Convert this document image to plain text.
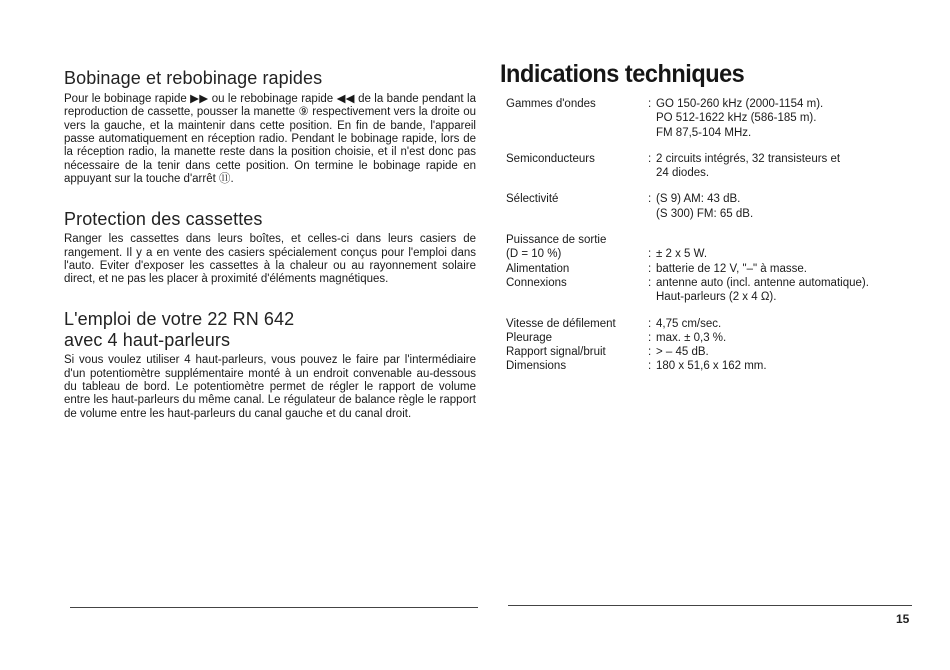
Bobinage et rebobinage rapides

Pour le bobinage rapide ▶▶ ou le rebobinage rapide ◀◀ de la bande pendant la reproduction de cassette, pousser la manette ⑨ respectivement vers la droite ou vers la gauche, et la maintenir dans cette position. En fin de bande, l'appareil passe automatiquement en réception radio. Pendant le bobinage rapide, lors de la réception radio, la manette reste dans la position choisie, et il n'est donc pas nécessaire de la tenir dans cette position. On termine le bobinage rapide en appuyant sur la touche d'arrêt ⑪.

Protection des cassettes

Ranger les cassettes dans leurs boîtes, et celles-ci dans leurs casiers de rangement. Il y a en vente des casiers spécialement conçus pour l'emploi dans l'auto. Eviter d'exposer les cassettes à la chaleur ou au rayonnement solaire direct, et ne pas les placer à proximité d'éléments magnétiques.

L'emploi de votre 22 RN 642
avec 4 haut-parleurs

Si vous voulez utiliser 4 haut-parleurs, vous pouvez le faire par l'intermédiaire d'un potentiomètre supplémentaire monté à un endroit convenable au-dessous du tableau de bord. Le potentiomètre permet de régler le rapport de volume entre les haut-parleurs du même canal. Le régulateur de balance règle le rapport de volume entre les haut-parleurs du canal gauche et du canal droit.

Indications techniques
Gammes d'ondes	: GO 150-260 kHz (2000-1154 m).
PO 512-1622 kHz (586-185 m).
FM 87,5-104 MHz.
Semiconducteurs	: 2 circuits intégrés, 32 transisteurs et
24 diodes.
Sélectivité	: (S 9) AM: 43 dB.
(S 300) FM: 65 dB.
Puissance de sortie
(D = 10 %)	: ± 2 x 5 W.
Alimentation	: batterie de 12 V, "–" à masse.
Connexions	: antenne auto (incl. antenne automatique).
Haut-parleurs (2 x 4 Ω).
Vitesse de défilement	: 4,75 cm/sec.
Pleurage	: max. ± 0,3 %.
Rapport signal/bruit	: > – 45 dB.
Dimensions	: 180 x 51,6 x 162 mm.
15
